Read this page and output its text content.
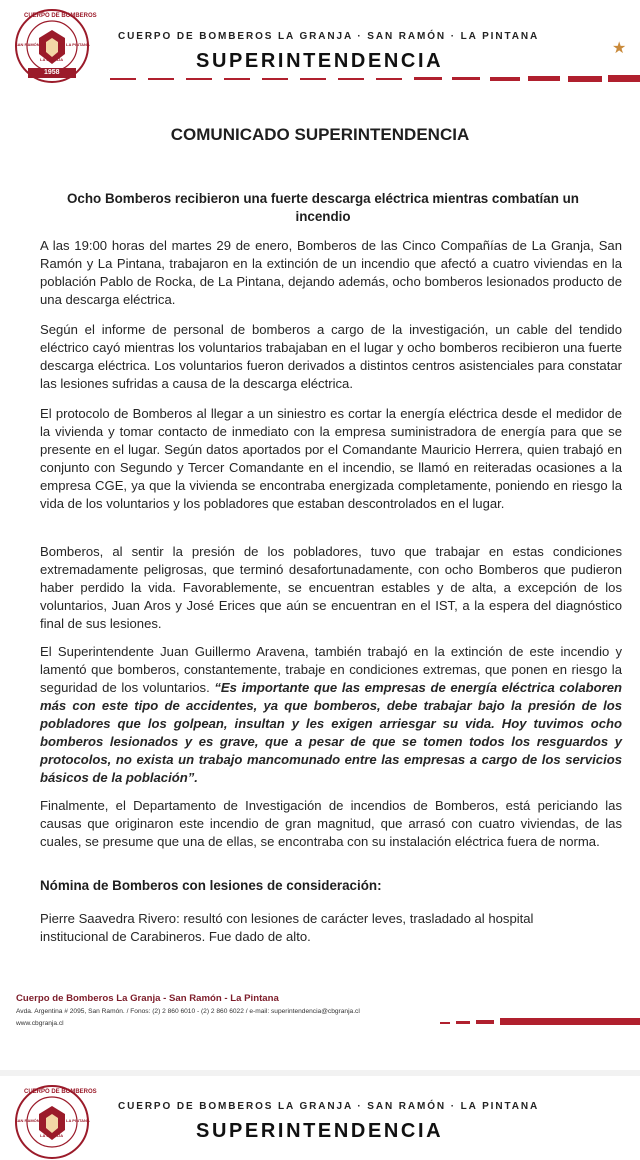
CUERPO DE BOMBEROS
SAN RAMÓN	LA PINTANA
LA GRANJA
1958
CUERPO DE BOMBEROS LA GRANJA · SAN RAMÓN · LA PINTANA
SUPERINTENDENCIA
★
COMUNICADO SUPERINTENDENCIA
Ocho Bomberos recibieron una fuerte descarga eléctrica mientras combatían un incendio

A las 19:00 horas del martes 29 de enero, Bomberos de las Cinco Compañías de La Granja, San Ramón y La Pintana, trabajaron en la extinción de un incendio que afectó a cuatro viviendas en la población Pablo de Rocka, de La Pintana, dejando además, ocho bomberos lesionados producto de una descarga eléctrica.

Según el informe de personal de bomberos a cargo de la investigación, un cable del tendido eléctrico cayó mientras los voluntarios trabajaban en el lugar y ocho bomberos recibieron una fuerte descarga eléctrica. Los voluntarios fueron derivados a distintos centros asistenciales para constatar las lesiones sufridas a causa de la descarga eléctrica.

El protocolo de Bomberos al llegar a un siniestro es cortar la energía eléctrica desde el medidor de la vivienda y tomar contacto de inmediato con la empresa suministradora de energía para que se presente en el lugar. Según datos aportados por el Comandante Mauricio Herrera, quien trabajó en conjunto con Segundo y Tercer Comandante en el incendio, se llamó en reiteradas ocasiones a la empresa CGE, ya que la vivienda se encontraba energizada completamente, poniendo en riesgo la vida de los voluntarios y los pobladores que estaban descontrolados en el lugar.

Bomberos, al sentir la presión de los pobladores, tuvo que trabajar en estas condiciones extremadamente peligrosas, que terminó desafortunadamente, con ocho Bomberos que pudieron haber perdido la vida. Favorablemente, se encuentran estables y de alta, a excepción de los voluntarios, Juan Aros y José Erices que aún se encuentran en el IST, a la espera del diagnóstico final de sus lesiones.

El Superintendente Juan Guillermo Aravena, también trabajó en la extinción de este incendio y lamentó que bomberos, constantemente, trabaje en condiciones extremas, que ponen en riesgo la seguridad de los voluntarios. “Es importante que las empresas de energía eléctrica colaboren más con este tipo de accidentes, ya que bomberos, debe trabajar bajo la presión de los pobladores que los golpean, insultan y les exigen arriesgar su vida. Hoy tuvimos ocho bomberos lesionados y es grave, que a pesar de que se tomen todos los resguardos y protocolos, no exista un trabajo mancomunado entre las empresas a cargo de los servicios básicos de la población”.

Finalmente, el Departamento de Investigación de incendios de Bomberos, está periciando las causas que originaron este incendio de gran magnitud, que arrasó con cuatro viviendas, de las cuales, se presume que una de ellas, se encontraba con su instalación eléctrica fuera de norma.

Nómina de Bomberos con lesiones de consideración:

Pierre Saavedra Rivero: resultó con lesiones de carácter leves, trasladado al hospital institucional de Carabineros. Fue dado de alto.

Cuerpo de Bomberos La Granja - San Ramón - La Pintana
Avda. Argentina # 2095, San Ramón. / Fonos: (2) 2 860 6010 - (2) 2 860 6022 / e-mail: superintendencia@cbgranja.cl
www.cbgranja.cl
CUERPO DE BOMBEROS
SAN RAMÓN	LA PINTANA
LA GRANJA
CUERPO DE BOMBEROS LA GRANJA · SAN RAMÓN · LA PINTANA
SUPERINTENDENCIA
